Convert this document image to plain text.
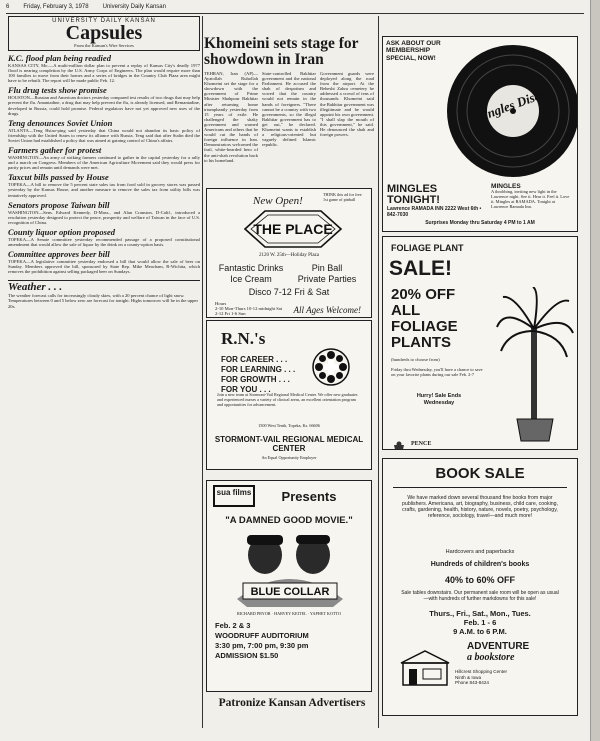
6 Friday, February 3, 1978 University Daily Kansan
UNIVERSITY DAILY KANSAN
Capsules
From the Kansan's Wire Services
K.C. flood plan being readied

KANSAS CITY, Mo.—A multi-million dollar plan to prevent a replay of Kansas City's deadly 1977 flood is nearing completion by the U.S. Army Corps of Engineers. The plan would require more than 100 families to move from their homes and a series of bridges in the Country Club Plaza area might have to be rebuilt. The report will be made public Feb. 12.

Flu drug tests show promise

HOUSTON—Russian and American doctors yesterday compared test results of two drugs that may help prevent the flu. Amantadine, a drug that may help prevent the flu, is already licensed, and Remantadine, developed in Russia, could hold promise. Federal regulators have not yet approved new uses of the drugs.

Teng denounces Soviet Union

ATLANTA—Teng Hsiao-ping said yesterday that China would not abandon its basic policy of friendship with the United States to renew its alliance with Russia. Teng said that after Stalin died the Soviet Union had established a policy that was aimed at gaining control of China's affairs.

Farmers gather for protest

WASHINGTON—An army of striking farmers continued to gather in the capital yesterday for a rally and a march on Congress. Members of the American Agriculture Movement said they would press for parity prices and remain until demands were met.

Taxcut bills passed by House

TOPEKA—A bill to remove the 5 percent state sales tax from food sold in grocery stores was passed yesterday by the Kansas House, and another measure to remove the sales tax from utility bills was tentatively approved.

Senators propose Taiwan bill

WASHINGTON—Sens. Edward Kennedy, D-Mass., and Alan Cranston, D-Calif., introduced a resolution yesterday designed to protect the peace, prosperity and welfare of Taiwan in the face of U.S. recognition of China.

County liquor option proposed

TOPEKA—A Senate committee yesterday recommended passage of a proposed constitutional amendment that would allow the sale of liquor by the drink on a county-option basis.

Committee approves beer bill

TOPEKA—A legislative committee yesterday endorsed a bill that would allow the sale of beer on Sunday. Members approved the bill, sponsored by State Rep. Mike Meacham, R-Wichita, which removes the prohibition against selling packaged beer on Sundays.

Weather . . .

The weather forecast calls for increasingly cloudy skies, with a 20 percent chance of light snow. Temperatures between 0 and 5 below zero are forecast for tonight. Highs tomorrow will be in the upper 20s.

Khomeini sets stage for showdown in Iran

TEHRAN, Iran (AP)—Ayatollah Ruhollah Khomeini set the stage for a showdown with the government of Prime Minister Shahpour Bakhtiar after returning home triumphantly yesterday from 15 years of exile. He challenged the shaky government and warned Americans and others that he would cut the hands of foreign influence in Iran. Demonstrators welcomed the frail, white-bearded hero of the anti-shah revolution back to his homeland.

State-controlled Bakhtiar government and the national Parliament. He accused the shah of despotism and vowed that the country would not remain in the hands of foreigners. "There cannot be a country with two governments, so the illegal Bakhtiar government has to get out," he declared. Khomeini wants to establish a religious-oriented but vaguely defined Islamic republic.

Government guards were deployed along the road from the airport. At the Behesht Zahra cemetery he addressed a crowd of tens of thousands. Khomeini said the Bakhtiar government was illegitimate and he would appoint his own government. "I shall slap the mouth of this government," he said. He denounced the shah and foreign powers.

New Open!
THE PLACE
THINK this ad for free 1st game of pinball
2120 W. 25th—Holiday Plaza
Fantastic Drinks	Pin Ball
Ice Cream	Private Parties
Disco 7-12 Fri & Sat
Hours
2-10 Mon-Thurs 10-12 midnight Sat
2-12 Fri 1-6 Sun	All Ages Welcome!
R.N.'s
FOR CAREER . . .
FOR LEARNING . . .
FOR GROWTH . . .
FOR YOU . . .
Join a new team at Stormont-Vail Regional Medical Center. We offer new graduates and experienced nurses a variety of clinical areas, an excellent orientation program and opportunities for advancement.
1500 West Tenth, Topeka, Ks. 66606
STORMONT-VAIL REGIONAL MEDICAL CENTER
An Equal Opportunity Employer
sua films	Presents
"A DAMNED GOOD MOVIE."
BLUE COLLAR
RICHARD PRYOR · HARVEY KEITEL · YAPHET KOTTO
Feb. 2 & 3
WOODRUFF AUDITORIUM
3:30 pm, 7:00 pm, 9:30 pm
ADMISSION $1.50
Patronize Kansan Advertisers
ASK ABOUT OUR MEMBERSHIP SPECIAL, NOW!
Mingles Disco
MINGLES TONIGHT!
Lawrence RAMADA INN 2222 West 6th • 842-7030
MINGLES
A throbbing, inviting new light in the Lawrence night. See it. Hear it. Feel it. Love it. Mingles at RAMADA. Tonight at Lawrence Ramada Inn.
Surprises Monday thru Saturday 4 PM to 1 AM
FOLIAGE PLANT
SALE!
20% OFF
ALL
FOLIAGE
PLANTS
(hundreds to choose from)
Friday thru Wednesday, you'll have a chance to save on your favorite plants during our sale Feb. 2-7
Hurry! Sale Ends
Wednesday
PENCE
BOOK SALE
We have marked down several thousand fine books from major publishers. Americana, art, biography, business, child care, cooking, crafts, gardening, health, history, nature, novels, poetry, psychology, reference, sociology, travel—and much more!
Hardcovers and paperbacks
Hundreds of children's books
40% to 60% OFF
Sale tables downstairs. Our permanent sale room will be open as usual—with hundreds of further markdowns for this sale!
Thurs., Fri., Sat., Mon., Tues.
Feb. 1 - 6
9 A.M. to 6 P.M.
ADVENTURE
a bookstore
Hillcrest Shopping Center
Ninth & Iowa
Phone 843-8424
